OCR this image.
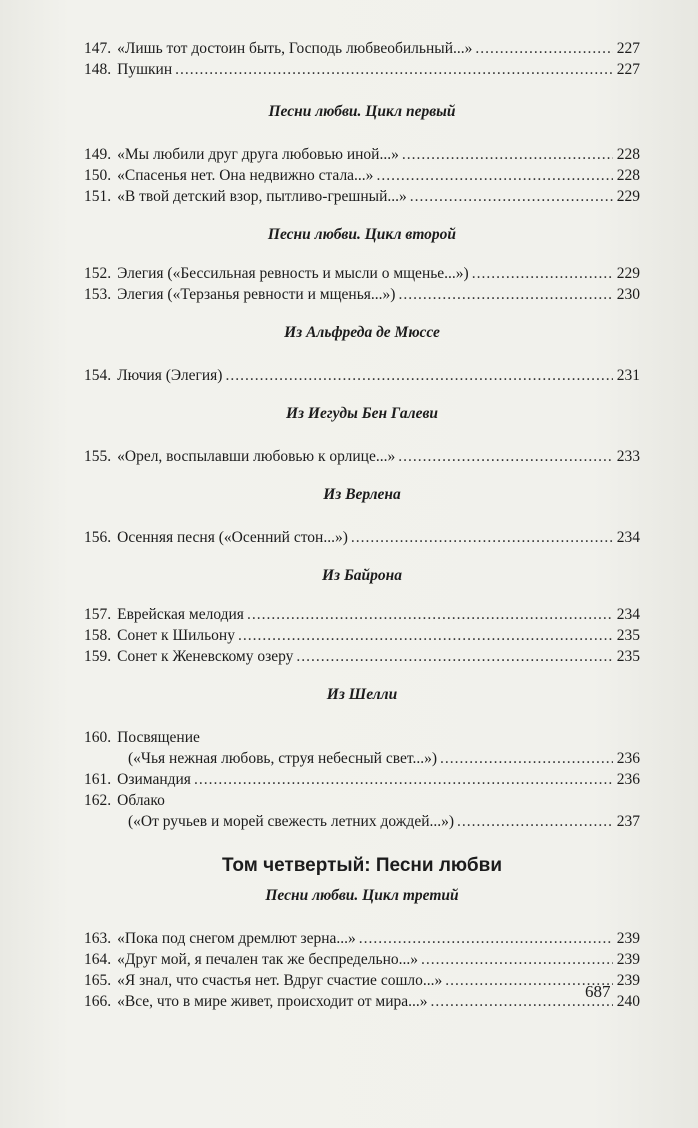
147. «Лишь тот достоин быть, Господь любвеобильный...» .....	227
148. Пушкин .....	227
Песни любви. Цикл первый
149. «Мы любили друг друга любовью иной...» .....	228
150. «Спасенья нет. Она недвижно стала...» .....	228
151. «В твой детский взор, пытливо-грешный...» .....	229
Песни любви. Цикл второй
152. Элегия («Бессильная ревность и мысли о мщенье...») .....	229
153. Элегия («Терзанья ревности и мщенья...») .....	230
Из Альфреда де Мюссе
154. Лючия (Элегия) .....	231
Из Иегуды Бен Галеви
155. «Орел, воспылавши любовью к орлице...» .....	233
Из Верлена
156. Осенняя песня («Осенний стон...») .....	234
Из Байрона
157. Еврейская мелодия .....	234
158. Сонет к Шильону .....	235
159. Сонет к Женевскому озеру .....	235
Из Шелли
160. Посвящение
(«Чья нежная любовь, струя небесный свет...») .....	236
161. Озимандия .....	236
162. Облако
(«От ручьев и морей свежесть летних дождей...») .....	237
Том четвертый: Песни любви
Песни любви. Цикл третий
163. «Пока под снегом дремлют зерна...» .....	239
164. «Друг мой, я печален так же беспредельно...» .....	239
165. «Я знал, что счастья нет. Вдруг счастие сошло...» .....	239
166. «Все, что в мире живет, происходит от мира...» .....	240
687
